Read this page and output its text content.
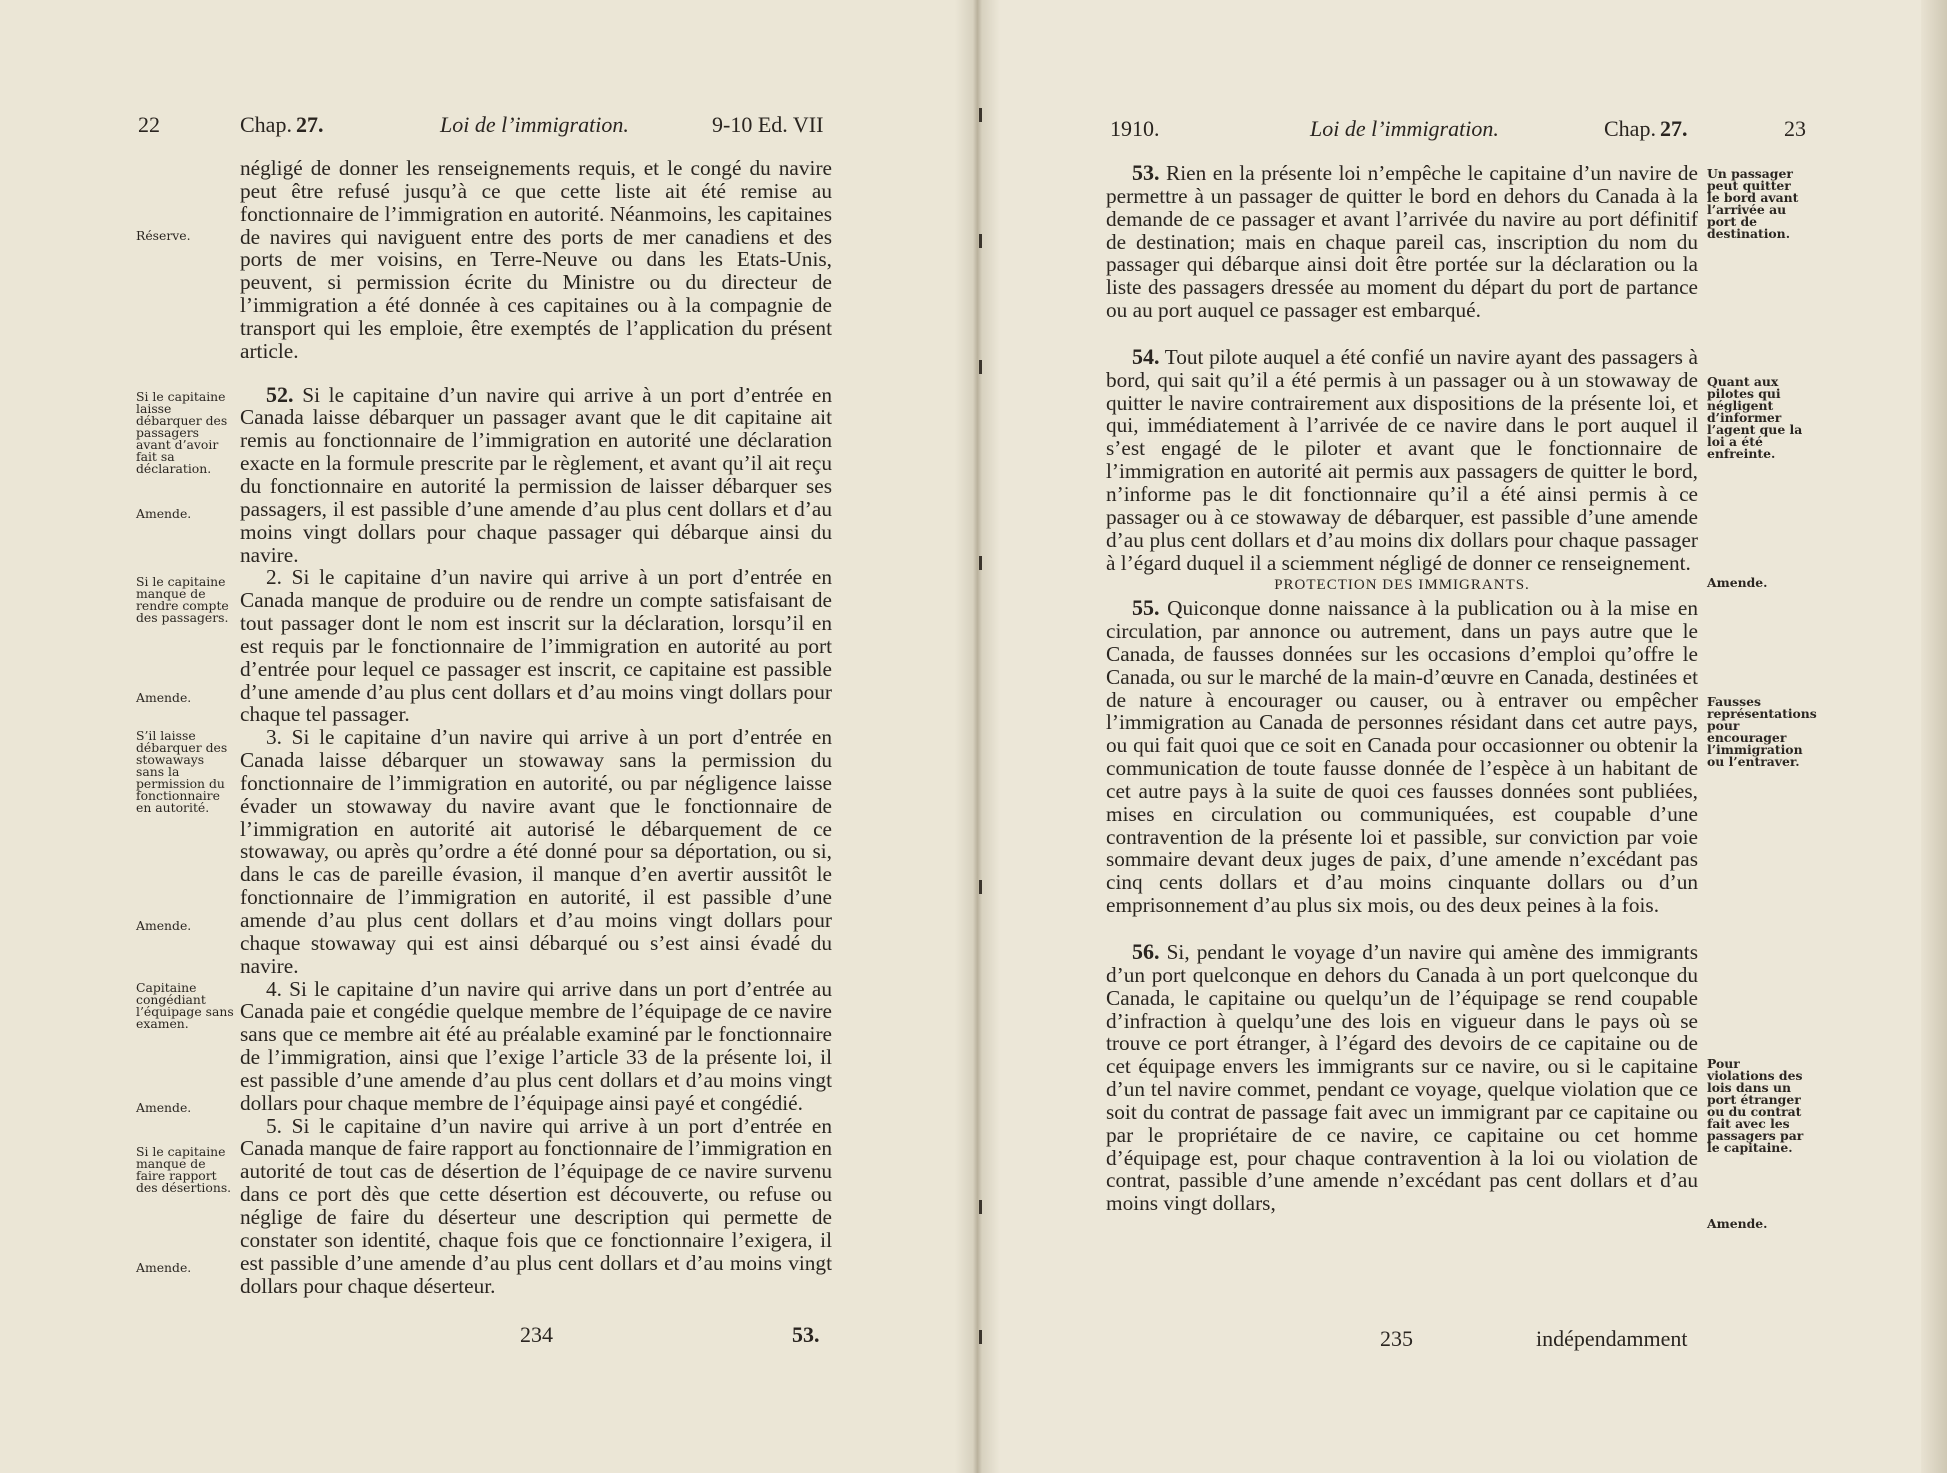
22	Chap. 27.	Loi de l’immigration.	9-10 Ed. VII
Réserve.
Si le capitaine laisse débarquer des passagers avant d’avoir fait sa déclaration.
Amende.
Si le capitaine manque de rendre compte des passagers.
Amende.
S’il laisse débarquer des stowaways sans la permission du fonctionnaire en autorité.
Amende.
Capitaine congédiant l’équipage sans examen.
Amende.
Si le capitaine manque de faire rapport des désertions.
Amende.

négligé de donner les renseignements requis, et le congé du navire peut être refusé jusqu’à ce que cette liste ait été remise au fonctionnaire de l’immigration en autorité. Néanmoins, les capitaines de navires qui naviguent entre des ports de mer canadiens et des ports de mer voisins, en Terre-Neuve ou dans les Etats-Unis, peuvent, si permission écrite du Ministre ou du directeur de l’immigration a été donnée à ces capitaines ou à la compagnie de transport qui les emploie, être exemptés de l’application du présent article.

52. Si le capitaine d’un navire qui arrive à un port d’entrée en Canada laisse débarquer un passager avant que le dit capitaine ait remis au fonctionnaire de l’immigration en autorité une déclaration exacte en la formule prescrite par le règlement, et avant qu’il ait reçu du fonctionnaire en autorité la permission de laisser débarquer ses passagers, il est passible d’une amende d’au plus cent dollars et d’au moins vingt dollars pour chaque passager qui débarque ainsi du navire.

2. Si le capitaine d’un navire qui arrive à un port d’entrée en Canada manque de produire ou de rendre un compte satisfaisant de tout passager dont le nom est inscrit sur la déclaration, lorsqu’il en est requis par le fonctionnaire de l’immigration en autorité au port d’entrée pour lequel ce passager est inscrit, ce capitaine est passible d’une amende d’au plus cent dollars et d’au moins vingt dollars pour chaque tel passager.

3. Si le capitaine d’un navire qui arrive à un port d’entrée en Canada laisse débarquer un stowaway sans la permission du fonctionnaire de l’immigration en autorité, ou par négligence laisse évader un stowaway du navire avant que le fonctionnaire de l’immigration en autorité ait autorisé le débarquement de ce stowaway, ou après qu’ordre a été donné pour sa déportation, ou si, dans le cas de pareille évasion, il manque d’en avertir aussitôt le fonctionnaire de l’immigration en autorité, il est passible d’une amende d’au plus cent dollars et d’au moins vingt dollars pour chaque stowaway qui est ainsi débarqué ou s’est ainsi évadé du navire.

4. Si le capitaine d’un navire qui arrive dans un port d’entrée au Canada paie et congédie quelque membre de l’équipage de ce navire sans que ce membre ait été au préalable examiné par le fonctionnaire de l’immigration, ainsi que l’exige l’article 33 de la présente loi, il est passible d’une amende d’au plus cent dollars et d’au moins vingt dollars pour chaque membre de l’équipage ainsi payé et congédié.

5. Si le capitaine d’un navire qui arrive à un port d’entrée en Canada manque de faire rapport au fonctionnaire de l’immigration en autorité de tout cas de désertion de l’équipage de ce navire survenu dans ce port dès que cette désertion est découverte, ou refuse ou néglige de faire du déserteur une description qui permette de constater son identité, chaque fois que ce fonctionnaire l’exigera, il est passible d’une amende d’au plus cent dollars et d’au moins vingt dollars pour chaque déserteur.

234	53.
1910.	Loi de l’immigration.	Chap. 27.	23
Un passager peut quitter le bord avant l’arrivée au port de destination.
Quant aux pilotes qui négligent d’informer l’agent que la loi a été enfreinte.
Amende.
Fausses représentations pour encourager l’immigration ou l’entraver.
Pour violations des lois dans un port étranger ou du contrat fait avec les passagers par le capitaine.
Amende.

53. Rien en la présente loi n’empêche le capitaine d’un navire de permettre à un passager de quitter le bord en dehors du Canada à la demande de ce passager et avant l’arrivée du navire au port définitif de destination; mais en chaque pareil cas, inscription du nom du passager qui débarque ainsi doit être portée sur la déclaration ou la liste des passagers dressée au moment du départ du port de partance ou au port auquel ce passager est embarqué.

54. Tout pilote auquel a été confié un navire ayant des passagers à bord, qui sait qu’il a été permis à un passager ou à un stowaway de quitter le navire contrairement aux dispositions de la présente loi, et qui, immédiatement à l’arrivée de ce navire dans le port auquel il s’est engagé de le piloter et avant que le fonctionnaire de l’immigration en autorité ait permis aux passagers de quitter le bord, n’informe pas le dit fonctionnaire qu’il a été ainsi permis à ce passager ou à ce stowaway de débarquer, est passible d’une amende d’au plus cent dollars et d’au moins dix dollars pour chaque passager à l’égard duquel il a sciemment négligé de donner ce renseignement.

PROTECTION DES IMMIGRANTS.

55. Quiconque donne naissance à la publication ou à la mise en circulation, par annonce ou autrement, dans un pays autre que le Canada, de fausses données sur les occasions d’emploi qu’offre le Canada, ou sur le marché de la main-d’œuvre en Canada, destinées et de nature à encourager ou causer, ou à entraver ou empêcher l’immigration au Canada de personnes résidant dans cet autre pays, ou qui fait quoi que ce soit en Canada pour occasionner ou obtenir la communication de toute fausse donnée de l’espèce à un habitant de cet autre pays à la suite de quoi ces fausses données sont publiées, mises en circulation ou communiquées, est coupable d’une contravention de la présente loi et passible, sur conviction par voie sommaire devant deux juges de paix, d’une amende n’excédant pas cinq cents dollars et d’au moins cinquante dollars ou d’un emprisonnement d’au plus six mois, ou des deux peines à la fois.

56. Si, pendant le voyage d’un navire qui amène des immigrants d’un port quelconque en dehors du Canada à un port quelconque du Canada, le capitaine ou quelqu’un de l’équipage se rend coupable d’infraction à quelqu’une des lois en vigueur dans le pays où se trouve ce port étranger, à l’égard des devoirs de ce capitaine ou de cet équipage envers les immigrants sur ce navire, ou si le capitaine d’un tel navire commet, pendant ce voyage, quelque violation que ce soit du contrat de passage fait avec un immigrant par ce capitaine ou par le propriétaire de ce navire, ce capitaine ou cet homme d’équipage est, pour chaque contravention à la loi ou violation de contrat, passible d’une amende n’excédant pas cent dollars et d’au moins vingt dollars,

235	indépendamment
